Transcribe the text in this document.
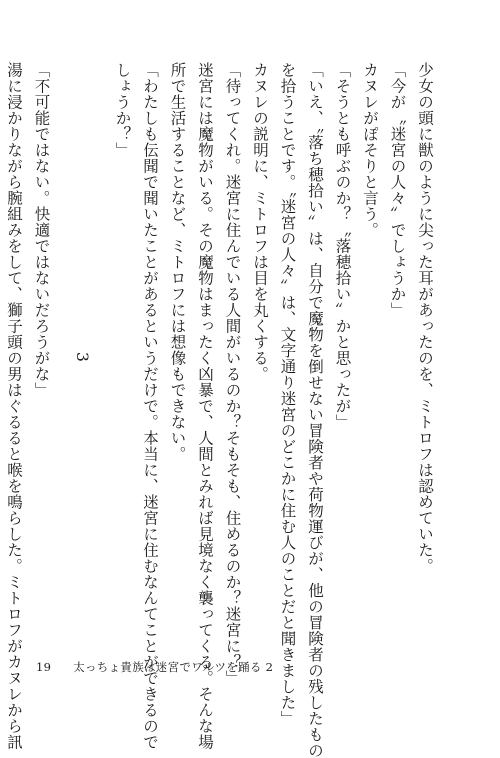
少女の頭に獣のように尖った耳があったのを、ミトロフは認めていた。
「今が〝迷宮の人々〟でしょうか」
カヌレがぽそりと言う。
「そうとも呼ぶのか？〝落穂拾い〟かと思ったが」
「いえ、〝落ち穂拾い〟は、自分で魔物を倒せない冒険者や荷物運びが、他の冒険者の残したもの
を拾うことです。〝迷宮の人々〟は、文字通り迷宮のどこかに住む人のことだと聞きました」
カヌレの説明に、ミトロフは目を丸くする。
「待ってくれ。迷宮に住んでいる人間がいるのか？そもそも、住めるのか？迷宮に？」
迷宮には魔物がいる。その魔物はまったく凶暴で、人間とみれば見境なく襲ってくる。そんな場
所で生活することなど、ミトロフには想像もできない。
「わたしも伝聞で聞いたことがあるというだけで。本当に、迷宮に住むなんてことができるので
しょうか？」
3
「不可能ではない。快適ではないだろうがな」
湯に浸かりながら腕組みをして、獅子頭の男はぐるると喉を鳴らした。ミトロフがカヌレから訊	19 太っちょ貴族は迷宮でワルツを踊る 2
